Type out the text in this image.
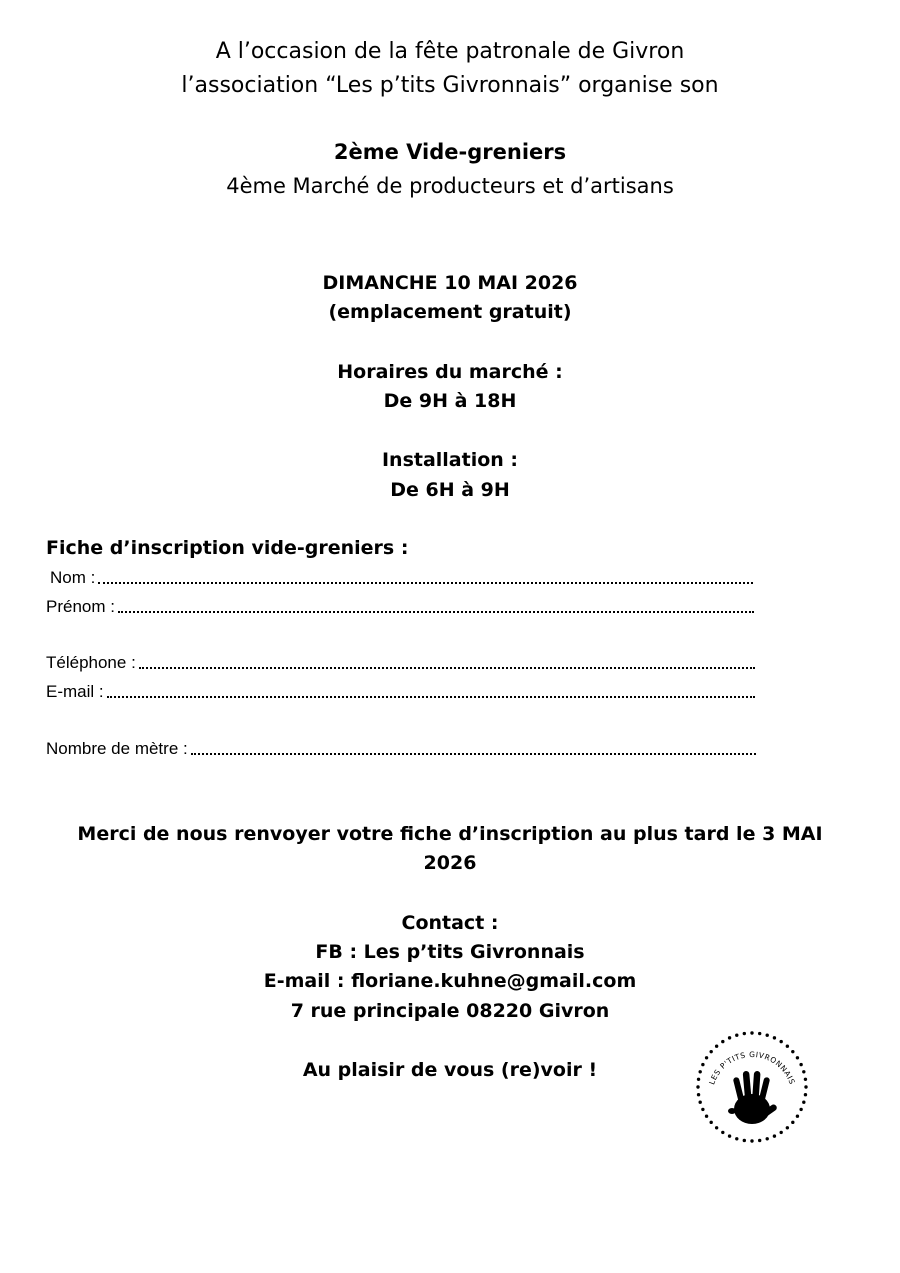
A l’occasion de la fête patronale de Givron
l’association “Les p’tits Givronnais” organise son
2ème Vide-greniers
4ème Marché de producteurs et d’artisans
DIMANCHE 10 MAI 2026
(emplacement gratuit)
Horaires du marché :
De 9H à 18H
Installation :
De 6H à 9H
Fiche d’inscription vide-greniers :
Nom :
Prénom :
Téléphone :
E-mail :
Nombre de mètre :
Merci de nous renvoyer votre fiche d’inscription au plus tard le 3 MAI
2026
Contact :
FB : Les p’tits Givronnais
E-mail : floriane.kuhne@gmail.com
7 rue principale 08220 Givron
Au plaisir de vous (re)voir !
LES P'TITS GIVRONNAIS
